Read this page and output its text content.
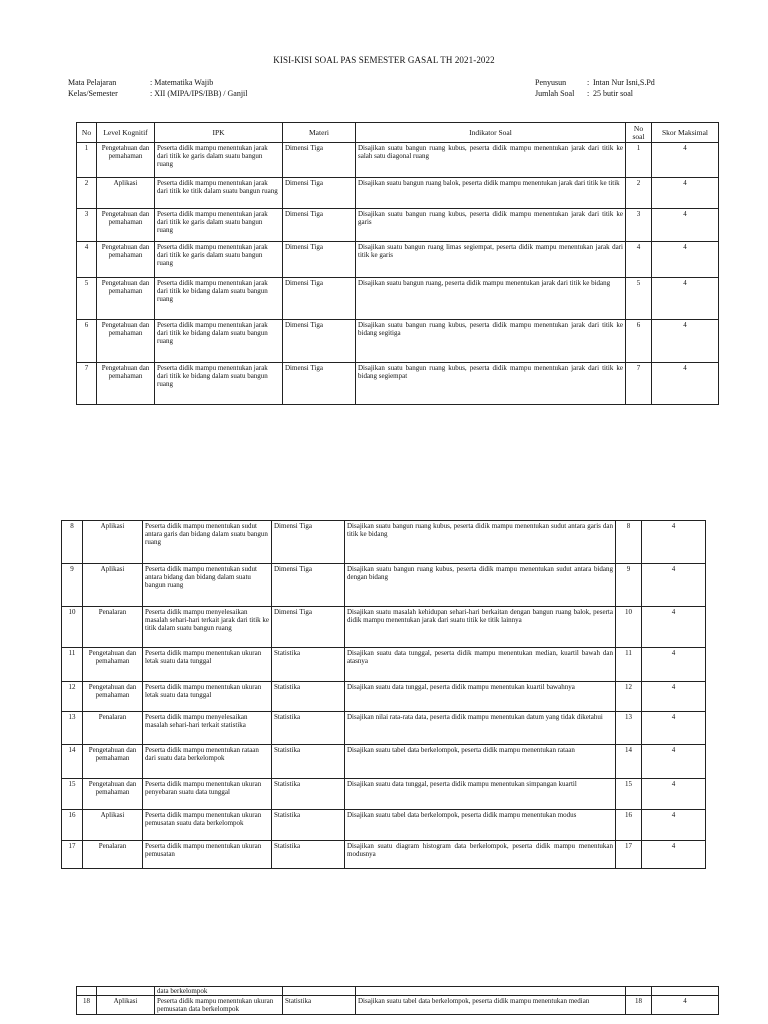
KISI-KISI SOAL PAS SEMESTER GASAL TH 2021-2022
Mata Pelajaran	: Matematika Wajib
Kelas/Semester	: XII (MIPA/IPS/IBB) / Ganjil
Penyusun	: Intan Nur Isni,S.Pd
Jumlah Soal	: 25 butir soal
No	Level Kognitif	IPK	Materi	Indikator Soal	No soal	Skor Maksimal
1	Pengetahuan dan pemahaman	Peserta didik mampu menentukan jarak dari titik ke garis dalam suatu bangun ruang	Dimensi Tiga	Disajikan suatu bangun ruang kubus, peserta didik mampu menentukan jarak dari titik ke salah satu diagonal ruang	1	4
2	Aplikasi	Peserta didik mampu menentukan jarak dari titik ke titik dalam suatu bangun ruang	Dimensi Tiga	Disajikan suatu bangun ruang balok, peserta didik mampu menentukan jarak dari titik ke titik	2	4
3	Pengetahuan dan pemahaman	Peserta didik mampu menentukan jarak dari titik ke garis dalam suatu bangun ruang	Dimensi Tiga	Disajikan suatu bangun ruang kubus, peserta didik mampu menentukan jarak dari titik ke garis	3	4
4	Pengetahuan dan pemahaman	Peserta didik mampu menentukan jarak dari titik ke garis dalam suatu bangun ruang	Dimensi Tiga	Disajikan suatu bangun ruang limas segiempat, peserta didik mampu menentukan jarak dari titik ke garis	4	4
5	Pengetahuan dan pemahaman	Peserta didik mampu menentukan jarak dari titik ke bidang dalam suatu bangun ruang	Dimensi Tiga	Disajikan suatu bangun ruang, peserta didik mampu menentukan jarak dari titik ke bidang	5	4
6	Pengetahuan dan pemahaman	Peserta didik mampu menentukan jarak dari titik ke bidang dalam suatu bangun ruang	Dimensi Tiga	Disajikan suatu bangun ruang kubus, peserta didik mampu menentukan jarak dari titik ke bidang segitiga	6	4
7	Pengetahuan dan pemahaman	Peserta didik mampu menentukan jarak dari titik ke bidang dalam suatu bangun ruang	Dimensi Tiga	Disajikan suatu bangun ruang kubus, peserta didik mampu menentukan jarak dari titik ke bidang segiempat	7	4
8	Aplikasi	Peserta didik mampu menentukan sudut antara garis dan bidang dalam suatu bangun ruang	Dimensi Tiga	Disajikan suatu bangun ruang kubus, peserta didik mampu menentukan sudut antara garis dan titik ke bidang	8	4
9	Aplikasi	Peserta didik mampu menentukan sudut antara bidang dan bidang dalam suatu bangun ruang	Dimensi Tiga	Disajikan suatu bangun ruang kubus, peserta didik mampu menentukan sudut antara bidang dengan bidang	9	4
10	Penalaran	Peserta didik mampu menyelesaikan masalah sehari-hari terkait jarak dari titik ke titik dalam suatu bangun ruang	Dimensi Tiga	Disajikan suatu masalah kehidupan sehari-hari berkaitan dengan bangun ruang balok, peserta didik mampu menentukan jarak dari suatu titik ke titik lainnya	10	4
11	Pengetahuan dan pemahaman	Peserta didik mampu menentukan ukuran letak suatu data tunggal	Statistika	Disajikan suatu data tunggal, peserta didik mampu menentukan median, kuartil bawah dan atasnya	11	4
12	Pengetahuan dan pemahaman	Peserta didik mampu menentukan ukuran letak suatu data tunggal	Statistika	Disajikan suatu data tunggal, peserta didik mampu menentukan kuartil bawahnya	12	4
13	Penalaran	Peserta didik mampu menyelesaikan masalah sehari-hari terkait statistika	Statistika	Disajikan nilai rata-rata data, peserta didik mampu menentukan datum yang tidak diketahui	13	4
14	Pengetahuan dan pemahaman	Peserta didik mampu menentukan rataan dari suatu data berkelompok	Statistika	Disajikan suatu tabel data berkelompok, peserta didik mampu menentukan rataan	14	4
15	Pengetahuan dan pemahaman	Peserta didik mampu menentukan ukuran penyebaran suatu data tunggal	Statistika	Disajikan suatu data tunggal, peserta didik mampu menentukan simpangan kuartil	15	4
16	Aplikasi	Peserta didik mampu menentukan ukuran pemusatan suatu data berkelompok	Statistika	Disajikan suatu tabel data berkelompok, peserta didik mampu menentukan modus	16	4
17	Penalaran	Peserta didik mampu menentukan ukuran pemusatan	Statistika	Disajikan suatu diagram histogram data berkelompok, peserta didik mampu menentukan modusnya	17	4
		data berkelompok				
18	Aplikasi	Peserta didik mampu menentukan ukuran pemusatan data berkelompok	Statistika	Disajikan suatu tabel data berkelompok, peserta didik mampu menentukan median	18	4
